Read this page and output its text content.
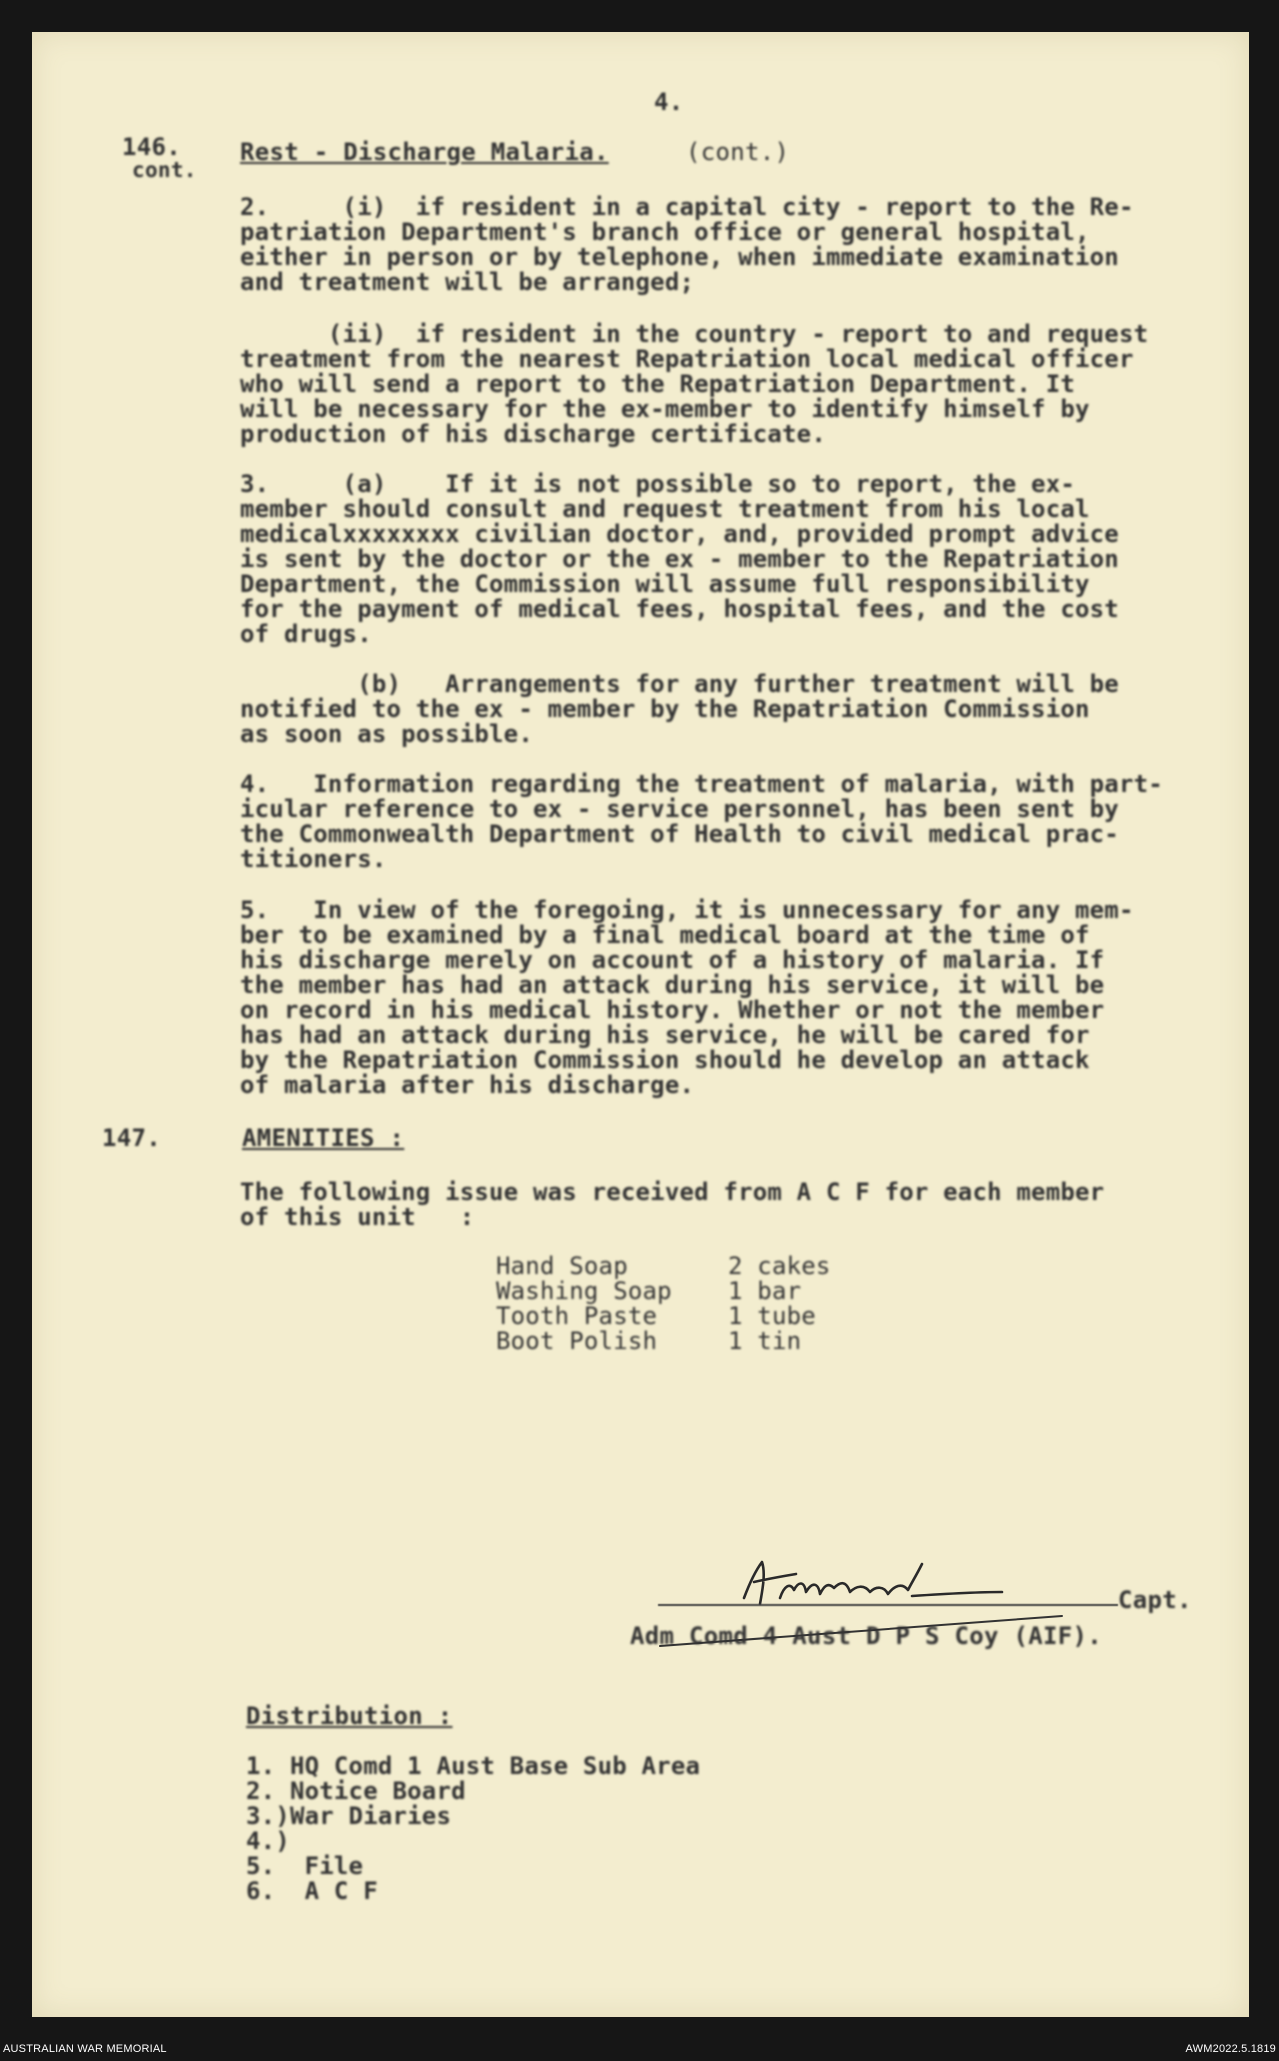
4.
146.
cont.
Rest - Discharge Malaria.	(cont.)
2.     (i)  if resident in a capital city - report to the Re-
patriation Department's branch office or general hospital,
either in person or by telephone, when immediate examination
and treatment will be arranged;
(ii)  if resident in the country - report to and request
treatment from the nearest Repatriation local medical officer
who will send a report to the Repatriation Department. It
will be necessary for the ex-member to identify himself by
production of his discharge certificate.
3.     (a)    If it is not possible so to report, the ex-
member should consult and request treatment from his local
medicalxxxxxxxx civilian doctor, and, provided prompt advice
is sent by the doctor or the ex - member to the Repatriation
Department, the Commission will assume full responsibility
for the payment of medical fees, hospital fees, and the cost
of drugs.
(b)   Arrangements for any further treatment will be
notified to the ex - member by the Repatriation Commission
as soon as possible.
4.   Information regarding the treatment of malaria, with part-
icular reference to ex - service personnel, has been sent by
the Commonwealth Department of Health to civil medical prac-
titioners.
5.   In view of the foregoing, it is unnecessary for any mem-
ber to be examined by a final medical board at the time of
his discharge merely on account of a history of malaria. If
the member has had an attack during his service, it will be
on record in his medical history. Whether or not the member
has had an attack during his service, he will be cared for
by the Repatriation Commission should he develop an attack
of malaria after his discharge.
147.	AMENITIES :
The following issue was received from A C F for each member
of this unit   :
Hand Soap	2 cakes
Washing Soap 1 bar
Tooth Paste	1 tube
Boot Polish	1 tin
Capt.
Adm Comd 4 Aust D P S Coy (AIF).
Distribution :
1. HQ Comd 1 Aust Base Sub Area
2. Notice Board
3.)War Diaries
4.)
5.  File
6.  A C F
AUSTRALIAN WAR MEMORIAL	AWM2022.5.1819
